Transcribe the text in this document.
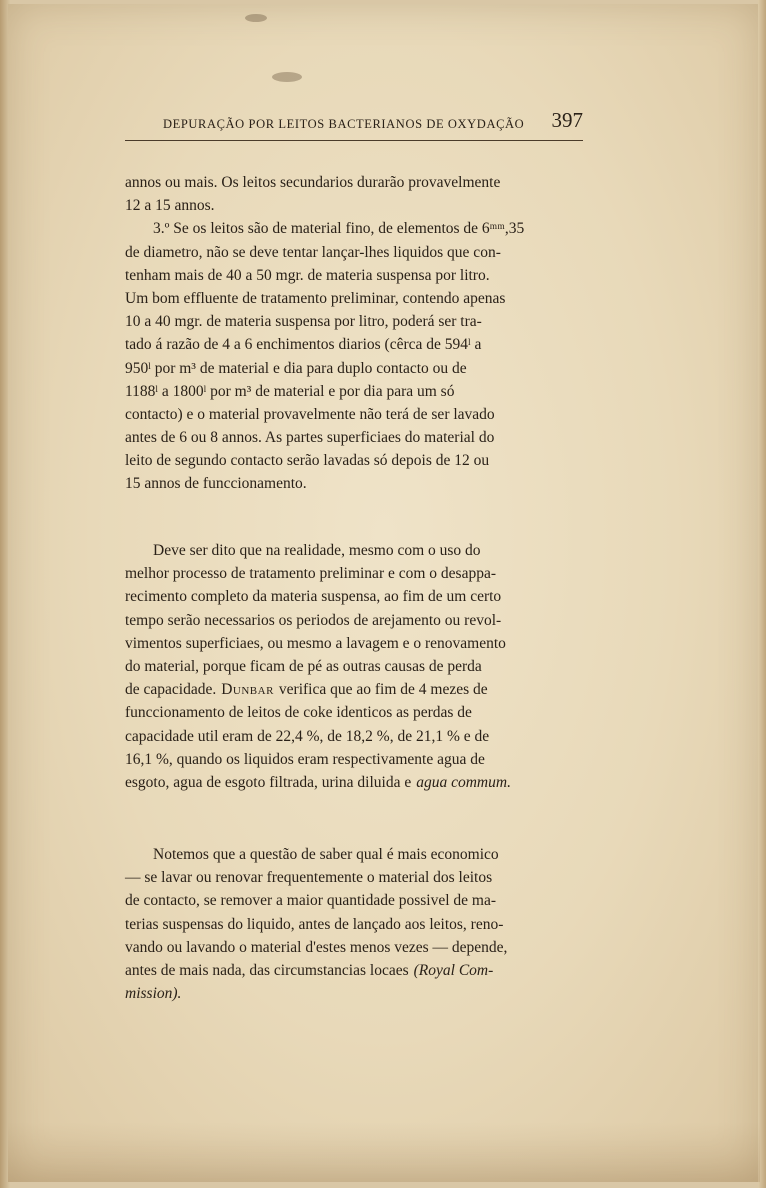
DEPURAÇÃO POR LEITOS BACTERIANOS DE OXYDAÇÃO 397
annos ou mais. Os leitos secundarios durarão provavelmente
12 a 15 annos.
3.º Se os leitos são de material fino, de elementos de 6ᵐᵐ,35
de diametro, não se deve tentar lançar-lhes liquidos que con-
tenham mais de 40 a 50 mgr. de materia suspensa por litro.
Um bom effluente de tratamento preliminar, contendo apenas
10 a 40 mgr. de materia suspensa por litro, poderá ser tra-
tado á razão de 4 a 6 enchimentos diarios (cêrca de 594ˡ a
950ˡ por m³ de material e dia para duplo contacto ou de
1188ˡ a 1800ˡ por m³ de material e por dia para um só
contacto) e o material provavelmente não terá de ser lavado
antes de 6 ou 8 annos. As partes superficiaes do material do
leito de segundo contacto serão lavadas só depois de 12 ou
15 annos de funccionamento.
Deve ser dito que na realidade, mesmo com o uso do
melhor processo de tratamento preliminar e com o desappa-
recimento completo da materia suspensa, ao fim de um certo
tempo serão necessarios os periodos de arejamento ou revol-
vimentos superficiaes, ou mesmo a lavagem e o renovamento
do material, porque ficam de pé as outras causas de perda
de capacidade. Dunbar verifica que ao fim de 4 mezes de
funccionamento de leitos de coke identicos as perdas de
capacidade util eram de 22,4 %, de 18,2 %, de 21,1 % e de
16,1 %, quando os liquidos eram respectivamente agua de
esgoto, agua de esgoto filtrada, urina diluida e agua commum.
Notemos que a questão de saber qual é mais economico
— se lavar ou renovar frequentemente o material dos leitos
de contacto, se remover a maior quantidade possivel de ma-
terias suspensas do liquido, antes de lançado aos leitos, reno-
vando ou lavando o material d'estes menos vezes — depende,
antes de mais nada, das circumstancias locaes (Royal Com-
mission).
